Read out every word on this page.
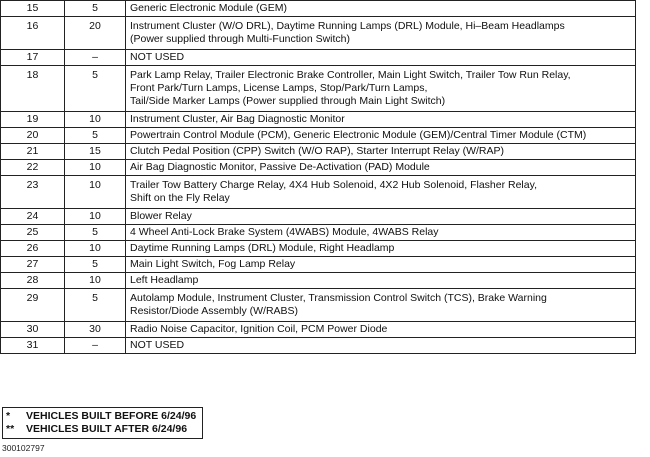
15	5	Generic Electronic Module (GEM)

16	20	Instrument Cluster (W/O DRL), Daytime Running Lamps (DRL) Module, Hi–Beam Headlamps
(Power supplied through Multi-Function Switch)

17	–	NOT USED

18	5	Park Lamp Relay, Trailer Electronic Brake Controller, Main Light Switch, Trailer Tow Run Relay,
Front Park/Turn Lamps, License Lamps, Stop/Park/Turn Lamps,
Tail/Side Marker Lamps (Power supplied through Main Light Switch)

19	10	Instrument Cluster, Air Bag Diagnostic Monitor

20	5	Powertrain Control Module (PCM), Generic Electronic Module (GEM)/Central Timer Module (CTM)

21	15	Clutch Pedal Position (CPP) Switch (W/O RAP), Starter Interrupt Relay (W/RAP)

22	10	Air Bag Diagnostic Monitor, Passive De-Activation (PAD) Module

23	10	Trailer Tow Battery Charge Relay, 4X4 Hub Solenoid, 4X2 Hub Solenoid, Flasher Relay,
Shift on the Fly Relay

24	10	Blower Relay

25	5	4 Wheel Anti-Lock Brake System (4WABS) Module, 4WABS Relay

26	10	Daytime Running Lamps (DRL) Module, Right Headlamp

27	5	Main Light Switch, Fog Lamp Relay

28	10	Left Headlamp

29	5	Autolamp Module, Instrument Cluster, Transmission Control Switch (TCS), Brake Warning
Resistor/Diode Assembly (W/RABS)

30	30	Radio Noise Capacitor, Ignition Coil, PCM Power Diode

31	–	NOT USED
*	VEHICLES BUILT BEFORE 6/24/96
**	VEHICLES BUILT AFTER 6/24/96
300102797
